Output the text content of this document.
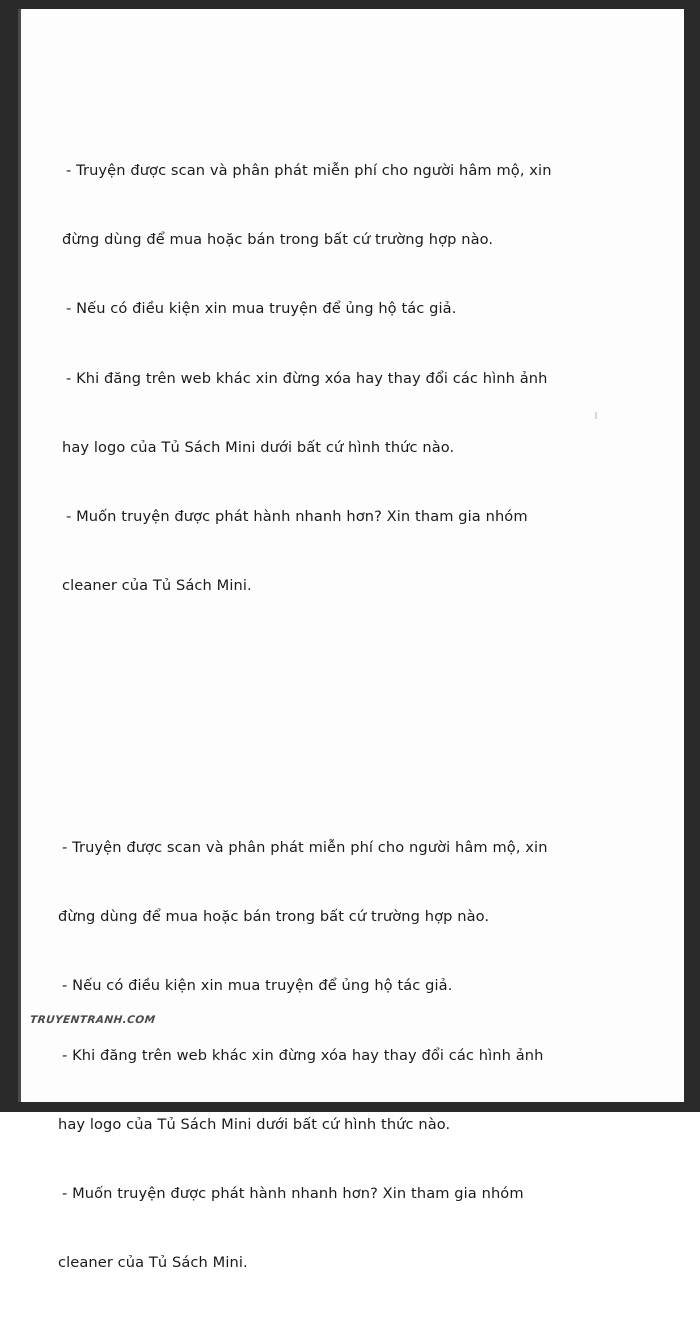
- Truyện được scan và phân phát miễn phí cho người hâm mộ, xin

đừng dùng để mua hoặc bán trong bất cứ trường hợp nào.

- Nếu có điều kiện xin mua truyện để ủng hộ tác giả.

- Khi đăng trên web khác xin đừng xóa hay thay đổi các hình ảnh

hay logo của Tủ Sách Mini dưới bất cứ hình thức nào.

- Muốn truyện được phát hành nhanh hơn? Xin tham gia nhóm

cleaner của Tủ Sách Mini.

- Truyện được scan và phân phát miễn phí cho người hâm mộ, xin

đừng dùng để mua hoặc bán trong bất cứ trường hợp nào.

- Nếu có điều kiện xin mua truyện để ủng hộ tác giả.

- Khi đăng trên web khác xin đừng xóa hay thay đổi các hình ảnh

hay logo của Tủ Sách Mini dưới bất cứ hình thức nào.

- Muốn truyện được phát hành nhanh hơn? Xin tham gia nhóm

cleaner của Tủ Sách Mini.

TRUYENTRANH.COM
